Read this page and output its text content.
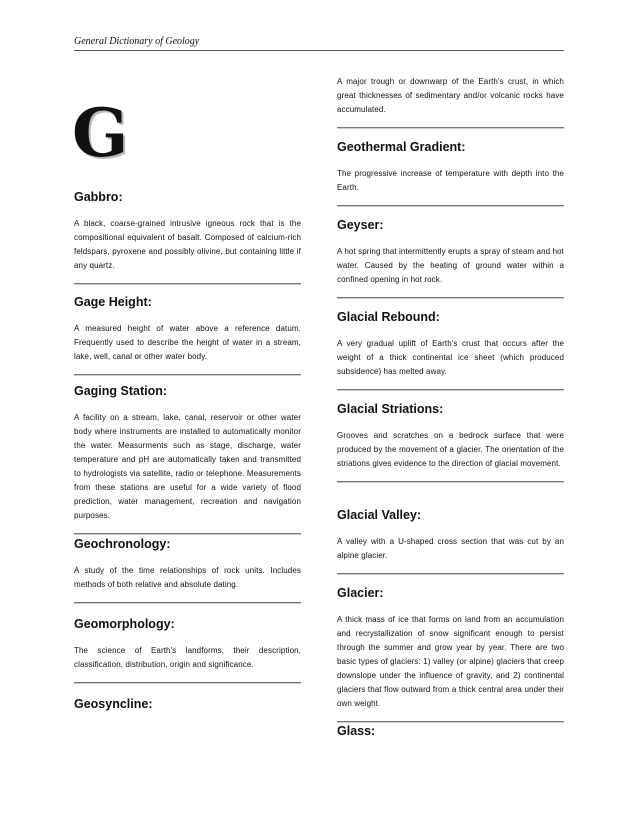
General Dictionary of Geology
G

Gabbro:

A black, coarse-grained intrusive igneous rock that is the compositional equivalent of basalt. Composed of calcium-rich feldspars, pyroxene and possibly olivine, but containing little if any quartz.

Gage Height:

A measured height of water above a reference datum. Frequently used to describe the height of water in a stream, lake, well, canal or other water body.

Gaging Station:

A facility on a stream, lake, canal, reservoir or other water body where instruments are installed to automatically monitor the water. Measurments such as stage, discharge, water temperature and pH are automatically taken and transmitted to hydrologists via satellite, radio or telephone. Measurements from these stations are useful for a wide variety of flood prediction, water management, recreation and navigation purposes.

Geochronology:

A study of the time relationships of rock units. Includes methods of both relative and absolute dating.

Geomorphology:

The science of Earth's landforms, their description, classification, distribution, origin and significance.

Geosyncline:

A major trough or downwarp of the Earth's crust, in which great thicknesses of sedimentary and/or volcanic rocks have accumulated.

Geothermal Gradient:

The progressive increase of temperature with depth into the Earth.

Geyser:

A hot spring that intermittently erupts a spray of steam and hot water. Caused by the heating of ground water within a confined opening in hot rock.

Glacial Rebound:

A very gradual uplift of Earth's crust that occurs after the weight of a thick continental ice sheet (which produced subsidence) has melted away.

Glacial Striations:

Grooves and scratches on a bedrock surface that were produced by the movement of a glacier. The orientation of the striations gives evidence to the direction of glacial movement.

Glacial Valley:

A valley with a U-shaped cross section that was cut by an alpine glacier.

Glacier:

A thick mass of ice that forms on land from an accumulation and recrystallization of snow significant enough to persist through the summer and grow year by year. There are two basic types of glaciers: 1) valley (or alpine) glaciers that creep downslope under the influence of gravity, and 2) continental glaciers that flow outward from a thick central area under their own weight.

Glass:
